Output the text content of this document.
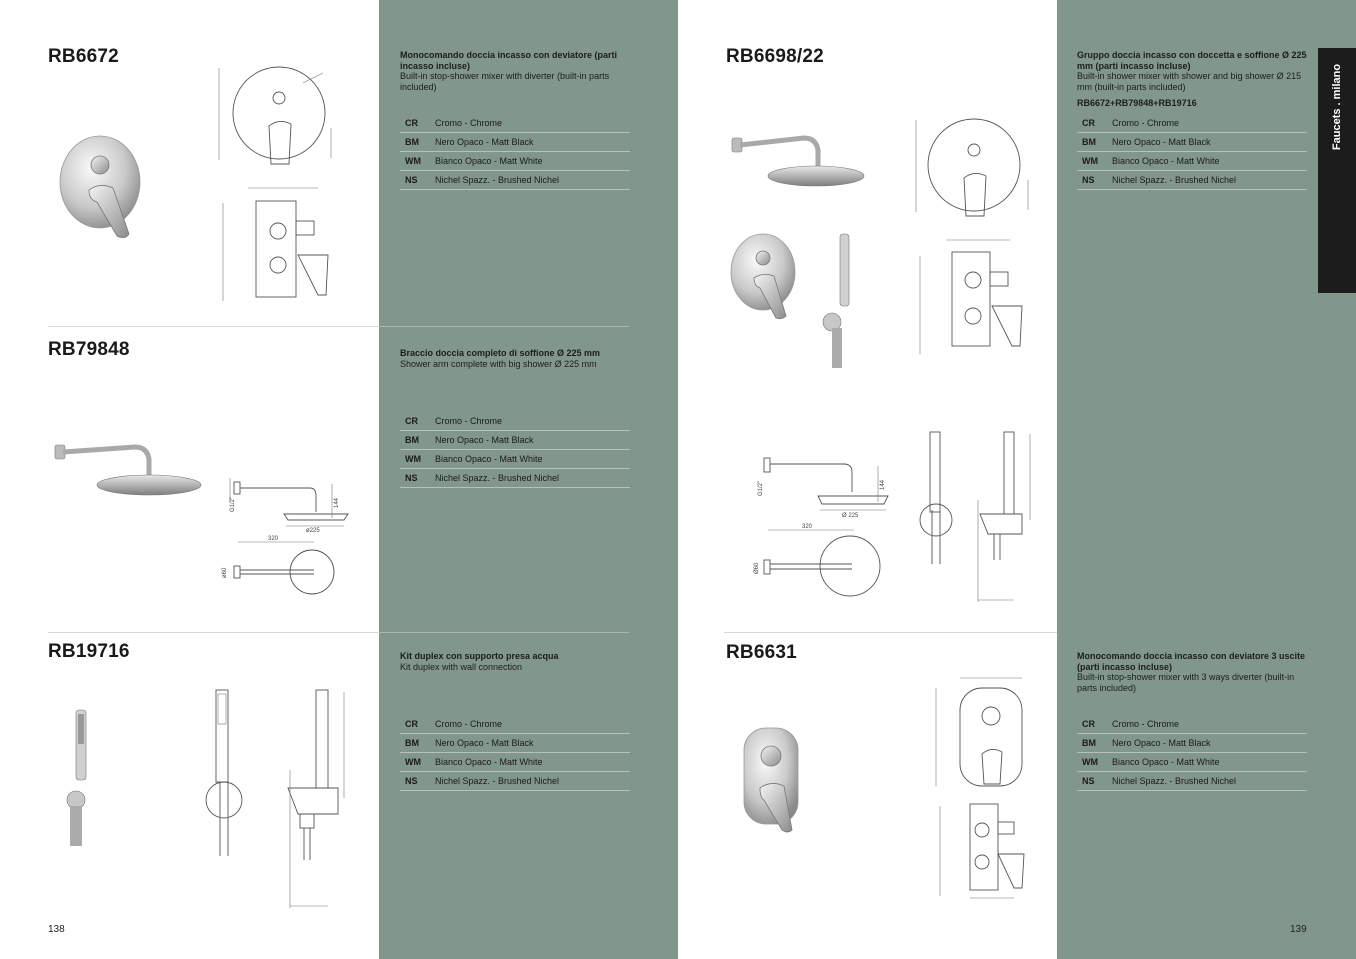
Faucets . milano
RB6672	Monocomando doccia incasso con deviatore (parti incasso incluse)
Built-in stop-shower mixer with diverter (built-in parts included)
CR	Cromo - Chrome
BM	Nero Opaco - Matt Black
WM	Bianco Opaco - Matt White
NS	Nichel Spazz. - Brushed Nichel
RB79848	Braccio doccia completo di soffione Ø 225 mm
Shower arm complete with big shower Ø 225 mm
CR	Cromo - Chrome
BM	Nero Opaco - Matt Black
WM	Bianco Opaco - Matt White
NS	Nichel Spazz. - Brushed Nichel
G1/2"	144
ø225
320
ø60
RB19716	Kit duplex con supporto presa acqua
Kit duplex with wall connection
CR	Cromo - Chrome
BM	Nero Opaco - Matt Black
WM	Bianco Opaco - Matt White
NS	Nichel Spazz. - Brushed Nichel
RB6698/22	Gruppo doccia incasso con doccetta e soffione Ø 225 mm (parti incasso incluse)
Built-in shower mixer with shower and big shower Ø 215 mm (built-in parts included)
RB6672+RB79848+RB19716
CR	Cromo - Chrome
BM	Nero Opaco - Matt Black
WM	Bianco Opaco - Matt White
NS	Nichel Spazz. - Brushed Nichel
G1/2"	144
Ø 225
320
Ø60
RB6631	Monocomando doccia incasso con deviatore 3 uscite (parti incasso incluse)
Built-in stop-shower mixer with 3 ways diverter (built-in parts included)
CR	Cromo - Chrome
BM	Nero Opaco - Matt Black
WM	Bianco Opaco - Matt White
NS	Nichel Spazz. - Brushed Nichel
138	139
